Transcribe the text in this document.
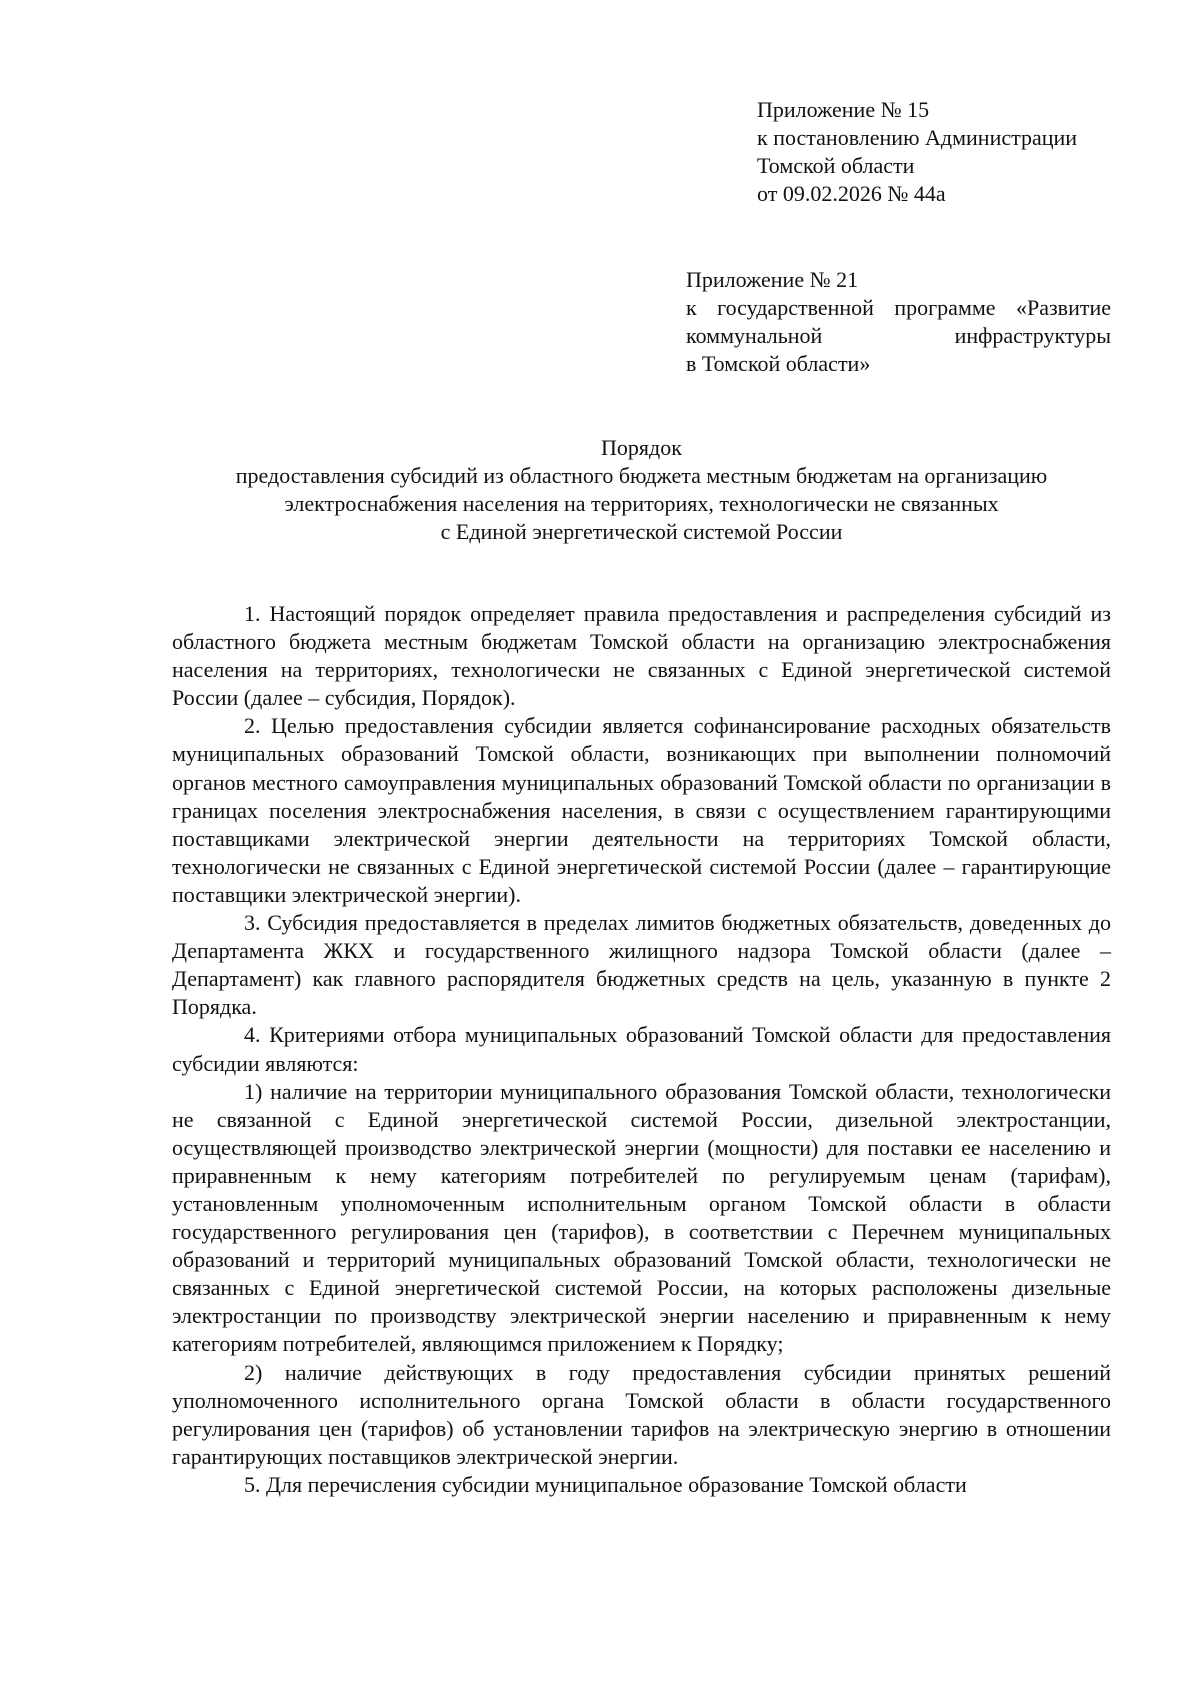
Приложение № 15
к постановлению Администрации
Томской области
от 09.02.2026 № 44а
Приложение № 21
к государственной программе «Развитие
коммунальной инфраструктуры
в Томской области»
Порядок
предоставления субсидий из областного бюджета местным бюджетам на организацию
электроснабжения населения на территориях, технологически не связанных
с Единой энергетической системой России

1. Настоящий порядок определяет правила предоставления и распределения субсидий из областного бюджета местным бюджетам Томской области на организацию электроснабжения населения на территориях, технологически не связанных с Единой энергетической системой России (далее – субсидия, Порядок).

2. Целью предоставления субсидии является софинансирование расходных обязательств муниципальных образований Томской области, возникающих при выполнении полномочий органов местного самоуправления муниципальных образований Томской области по организации в границах поселения электроснабжения населения, в связи с осуществлением гарантирующими поставщиками электрической энергии деятельности на территориях Томской области, технологически не связанных с Единой энергетической системой России (далее – гарантирующие поставщики электрической энергии).

3. Субсидия предоставляется в пределах лимитов бюджетных обязательств, доведенных до Департамента ЖКХ и государственного жилищного надзора Томской области (далее – Департамент) как главного распорядителя бюджетных средств на цель, указанную в пункте 2 Порядка.

4. Критериями отбора муниципальных образований Томской области для предоставления субсидии являются:

1) наличие на территории муниципального образования Томской области, технологически не связанной с Единой энергетической системой России, дизельной электростанции, осуществляющей производство электрической энергии (мощности) для поставки ее населению и приравненным к нему категориям потребителей по регулируемым ценам (тарифам), установленным уполномоченным исполнительным органом Томской области в области государственного регулирования цен (тарифов), в соответствии с Перечнем муниципальных образований и территорий муниципальных образований Томской области, технологически не связанных с Единой энергетической системой России, на которых расположены дизельные электростанции по производству электрической энергии населению и приравненным к нему категориям потребителей, являющимся приложением к Порядку;

2) наличие действующих в году предоставления субсидии принятых решений уполномоченного исполнительного органа Томской области в области государственного регулирования цен (тарифов) об установлении тарифов на электрическую энергию в отношении гарантирующих поставщиков электрической энергии.

5. Для перечисления субсидии муниципальное образование Томской области
